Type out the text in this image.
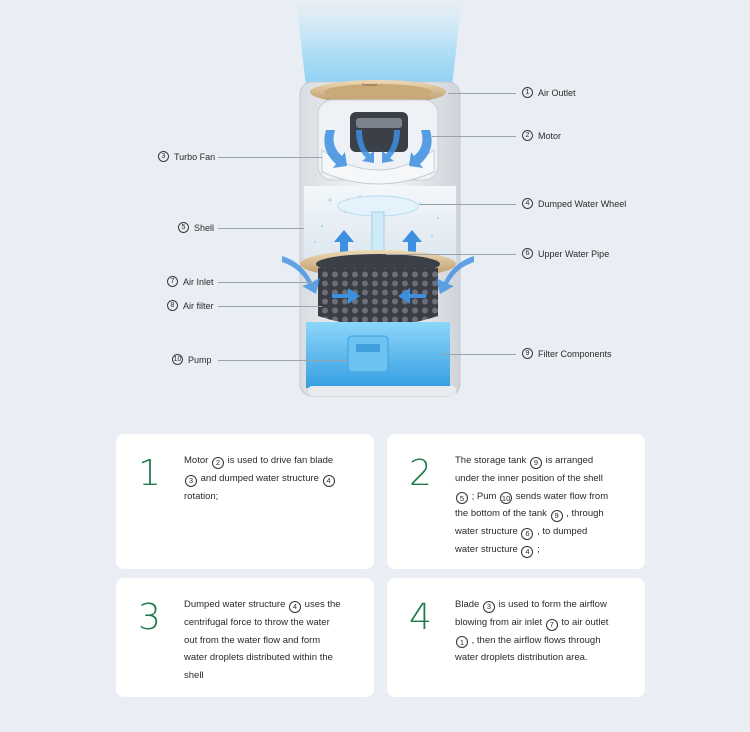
Smartmi
1 Air Outlet
2 Motor
4 Dumped Water Wheel
6 Upper Water Pipe
9 Filter Components
3 Turbo Fan
5 Shell
7 Air Inlet
8 Air filter
10 Pump
1 Motor 2 is used to drive fan blade
3 and dumped water structure 4
rotation;
2 The storage tank 9 is arranged
under the inner position of the shell
5 ; Pum 10 sends water flow from
the bottom of the tank 9 , through
water structure 6 , to dumped
water structure 4 ;
3 Dumped water structure 4 uses the
centrifugal force to throw the water
out from the water flow and form
water droplets distributed within the
shell
4 Blade 3 is used to form the airflow
blowing from air inlet 7 to air outlet
1 , then the airflow flows through
water droplets distribution area.
